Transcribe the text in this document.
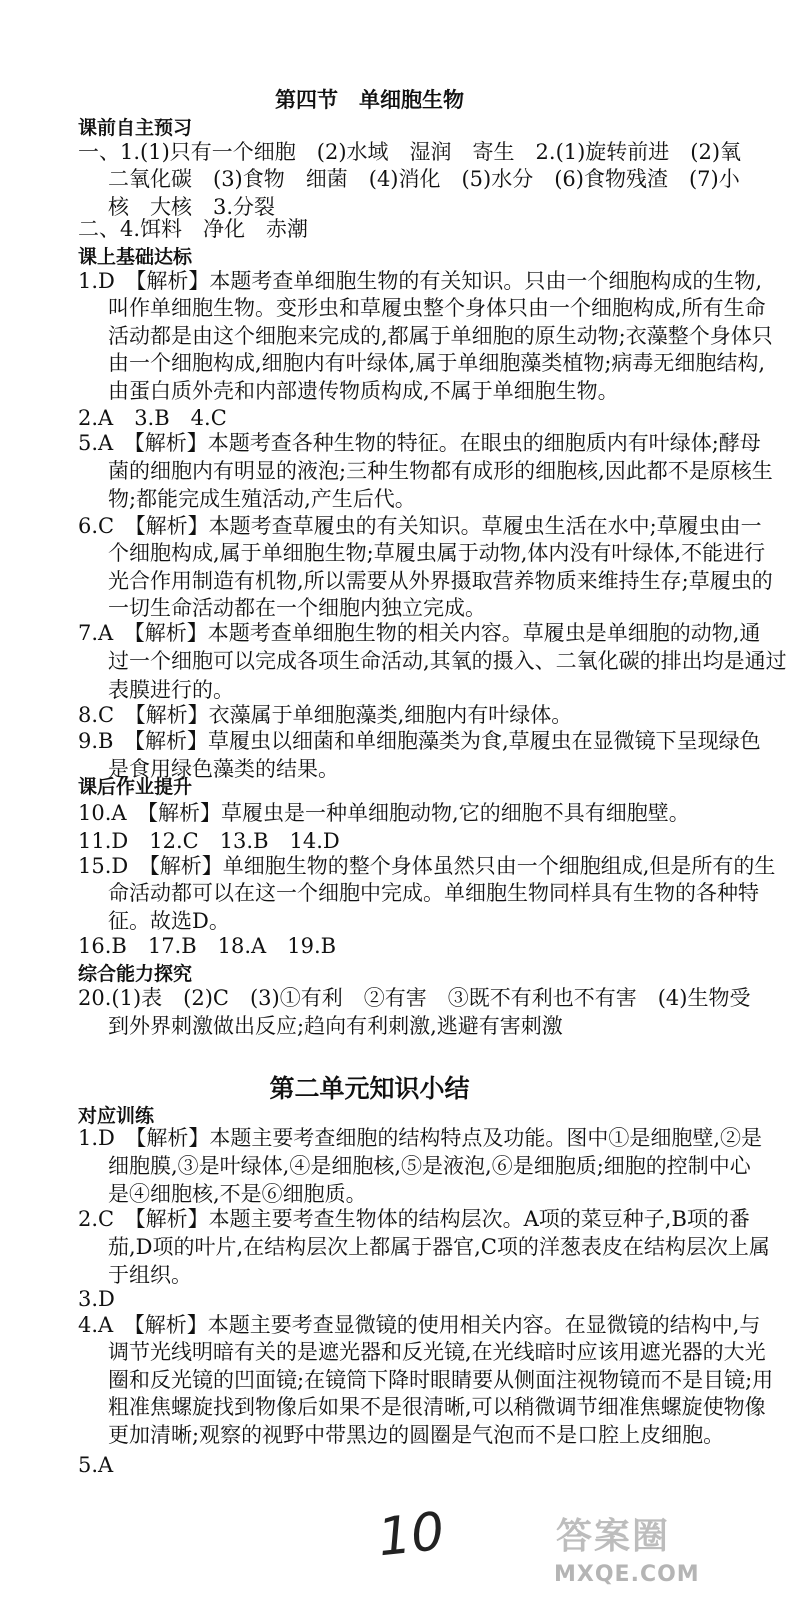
第四节　单细胞生物
课前自主预习
一、1.(1)只有一个细胞　(2)水域　湿润　寄生　2.(1)旋转前进　(2)氧
二氧化碳　(3)食物　细菌　(4)消化　(5)水分　(6)食物残渣　(7)小
核　大核　3.分裂
二、4.饵料　净化　赤潮
课上基础达标
1.D　【解析】本题考查单细胞生物的有关知识。只由一个细胞构成的生物,
叫作单细胞生物。变形虫和草履虫整个身体只由一个细胞构成,所有生命
活动都是由这个细胞来完成的,都属于单细胞的原生动物;衣藻整个身体只
由一个细胞构成,细胞内有叶绿体,属于单细胞藻类植物;病毒无细胞结构,
由蛋白质外壳和内部遗传物质构成,不属于单细胞生物。
2.A　3.B　4.C
5.A　【解析】本题考查各种生物的特征。在眼虫的细胞质内有叶绿体;酵母
菌的细胞内有明显的液泡;三种生物都有成形的细胞核,因此都不是原核生
物;都能完成生殖活动,产生后代。
6.C　【解析】本题考查草履虫的有关知识。草履虫生活在水中;草履虫由一
个细胞构成,属于单细胞生物;草履虫属于动物,体内没有叶绿体,不能进行
光合作用制造有机物,所以需要从外界摄取营养物质来维持生存;草履虫的
一切生命活动都在一个细胞内独立完成。
7.A　【解析】本题考查单细胞生物的相关内容。草履虫是单细胞的动物,通
过一个细胞可以完成各项生命活动,其氧的摄入、二氧化碳的排出均是通过
表膜进行的。
8.C　【解析】衣藻属于单细胞藻类,细胞内有叶绿体。
9.B　【解析】草履虫以细菌和单细胞藻类为食,草履虫在显微镜下呈现绿色
是食用绿色藻类的结果。
课后作业提升
10.A　【解析】草履虫是一种单细胞动物,它的细胞不具有细胞壁。
11.D　12.C　13.B　14.D
15.D　【解析】单细胞生物的整个身体虽然只由一个细胞组成,但是所有的生
命活动都可以在这一个细胞中完成。单细胞生物同样具有生物的各种特
征。故选D。
16.B　17.B　18.A　19.B
综合能力探究
20.(1)表　(2)C　(3)①有利　②有害　③既不有利也不有害　(4)生物受
到外界刺激做出反应;趋向有利刺激,逃避有害刺激
第二单元知识小结
对应训练
1.D　【解析】本题主要考查细胞的结构特点及功能。图中①是细胞壁,②是
细胞膜,③是叶绿体,④是细胞核,⑤是液泡,⑥是细胞质;细胞的控制中心
是④细胞核,不是⑥细胞质。
2.C　【解析】本题主要考查生物体的结构层次。A项的菜豆种子,B项的番
茄,D项的叶片,在结构层次上都属于器官,C项的洋葱表皮在结构层次上属
于组织。
3.D
4.A　【解析】本题主要考查显微镜的使用相关内容。在显微镜的结构中,与
调节光线明暗有关的是遮光器和反光镜,在光线暗时应该用遮光器的大光
圈和反光镜的凹面镜;在镜筒下降时眼睛要从侧面注视物镜而不是目镜;用
粗准焦螺旋找到物像后如果不是很清晰,可以稍微调节细准焦螺旋使物像
更加清晰;观察的视野中带黑边的圆圈是气泡而不是口腔上皮细胞。
5.A
10	答案圈
MXQE.COM
